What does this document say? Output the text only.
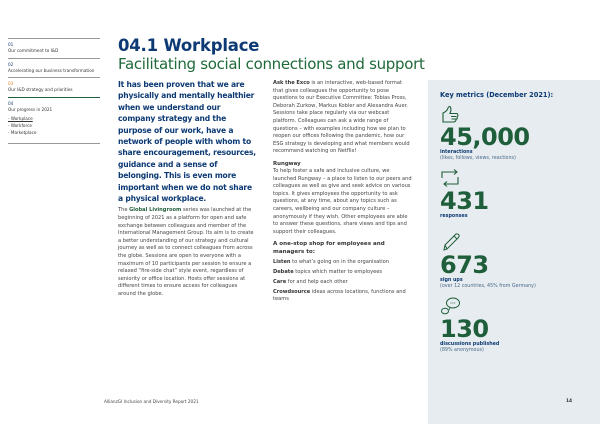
01
Our commitment to I&D
02
Accelerating our business transformation
03
Our I&D strategy and priorities
04
Our progress in 2021
- Workplace
- Workforce
- Marketplace
04.1 Workplace
Facilitating social connections and support

It has been proven that we are physically and mentally healthier when we understand our company strategy and the purpose of our work, have a network of people with whom to share encouragement, resources, guidance and a sense of belonging. This is even more important when we do not share a physical workplace.

The Global Livingroom series was launched at the beginning of 2021 as a platform for open and safe exchange between colleagues and member of the International Management Group. Its aim is to create a better understanding of our strategy and cultural journey as well as to connect colleagues from across the globe. Sessions are open to everyone with a maximum of 10 participants per session to ensure a relaxed “fire-side chat” style event, regardless of seniority or office location. Hosts offer sessions at different times to ensure access for colleagues around the globe.

Ask the Exco is an interactive, web-based format that gives colleagues the opportunity to pose questions to our Executive Committee: Tobias Pross, Deborah Zurkow, Markus Kobler and Alexandra Auer. Sessions take place regularly via our webcast platform. Colleagues can ask a wide range of questions – with examples including how we plan to reopen our offices following the pandemic, how our ESG strategy is developing and what members would recommend watching on Netflix!

Rungway

To help foster a safe and inclusive culture, we launched Rungway – a place to listen to our peers and colleagues as well as give and seek advice on various topics. It gives employees the opportunity to ask questions, at any time, about any topics such as careers, wellbeing and our company culture – anonymously if they wish. Other employees are able to answer these questions, share views and tips and support their colleagues.

A one-stop shop for employees and managers to:
Listen to what’s going on in the organisation
Debate topics which matter to employees
Care for and help each other
Crowdsource ideas across locations, functions and teams
Key metrics (December 2021):
45,000
interactions
(likes, follows, views, reactions)
431
responses
673
sign ups
(over 12 countries, 45% from Germany)
130
discussions published
(89% anonymous)
AllianzGI Inclusion and Diversity Report 2021	14
